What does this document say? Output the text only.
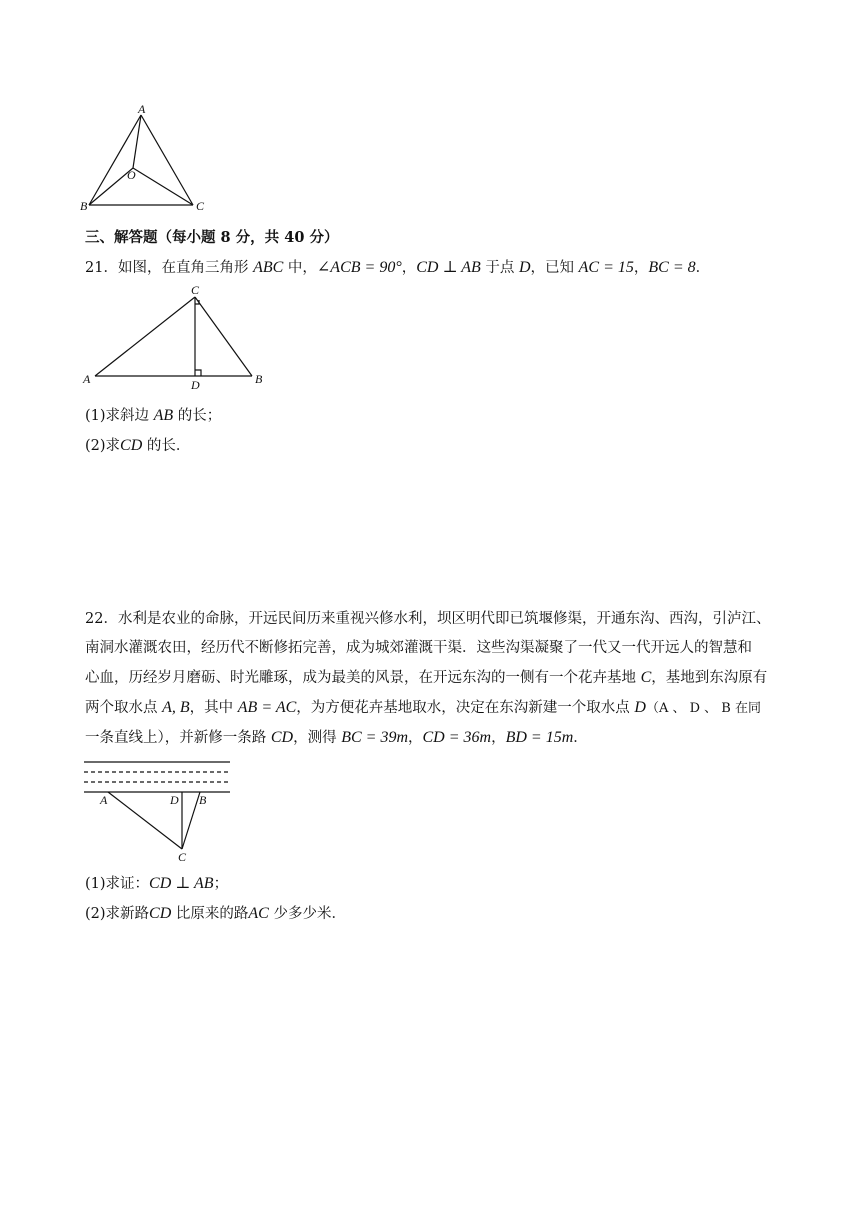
A
O
B	C
三、解答题（每小题 8 分，共 40 分）
21．如图，在直角三角形 ABC 中，∠ACB = 90°，CD ⊥ AB 于点 D，已知 AC = 15，BC = 8．
C
A	D	B
(1)求斜边 AB 的长；
(2)求CD 的长．
22．水利是农业的命脉，开远民间历来重视兴修水利，坝区明代即已筑堰修渠，开通东沟、西沟，引泸江、
南洞水灌溉农田，经历代不断修拓完善，成为城郊灌溉干渠．这些沟渠凝聚了一代又一代开远人的智慧和
心血，历经岁月磨砺、时光雕琢，成为最美的风景，在开远东沟的一侧有一个花卉基地 C，基地到东沟原有
两个取水点 A, B，其中 AB = AC，为方便花卉基地取水，决定在东沟新建一个取水点 D（A 、 D 、 B 在同
一条直线上），并新修一条路 CD，测得 BC = 39m，CD = 36m，BD = 15m．
A	D B
C
(1)求证：CD ⊥ AB；
(2)求新路CD 比原来的路AC 少多少米．
